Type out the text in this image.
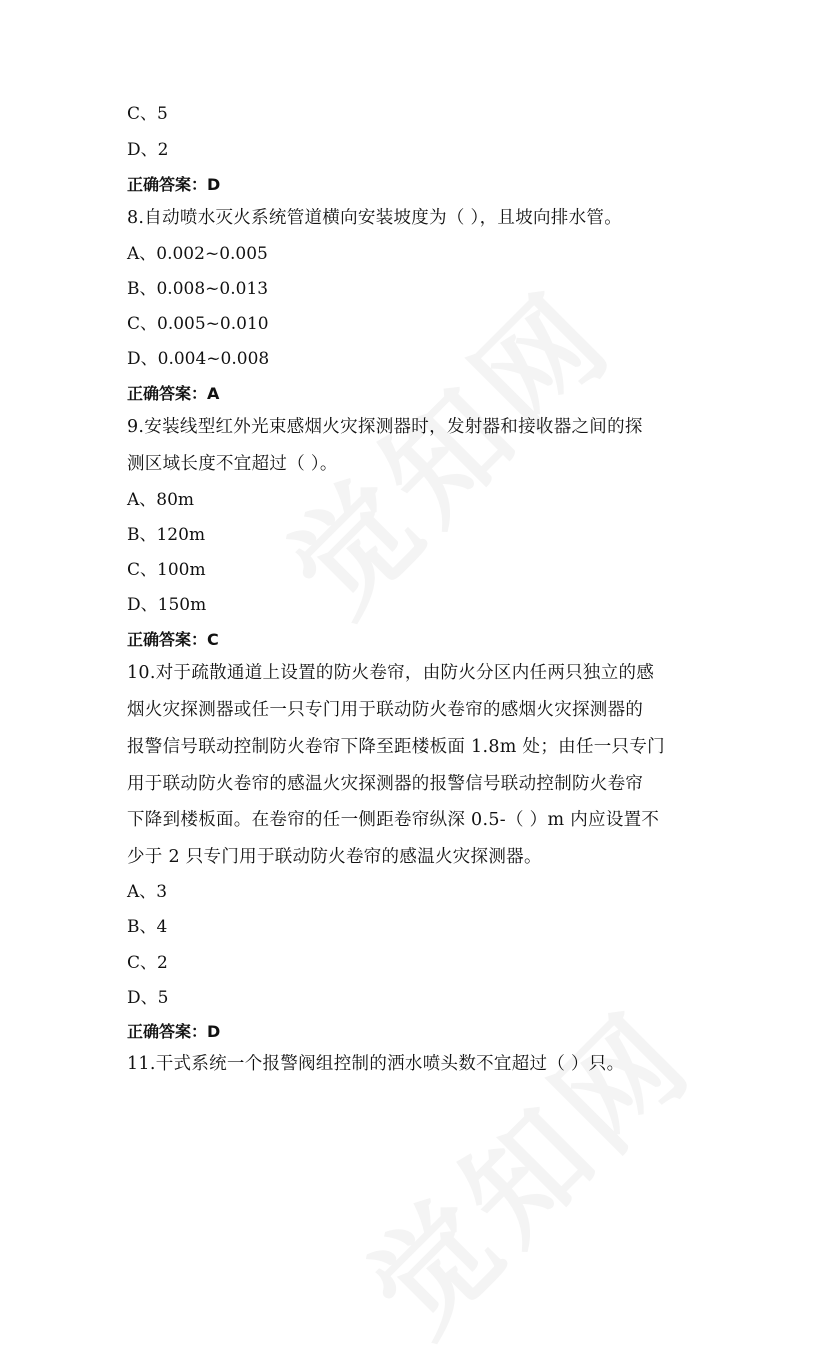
C、5
D、2
正确答案：D
8.自动喷水灭火系统管道横向安装坡度为（ ），且坡向排水管。
A、0.002~0.005
B、0.008~0.013
C、0.005~0.010
D、0.004~0.008
正确答案：A
9.安装线型红外光束感烟火灾探测器时，发射器和接收器之间的探
测区域长度不宜超过（ ）。
A、80m
B、120m
C、100m
D、150m
正确答案：C
10.对于疏散通道上设置的防火卷帘，由防火分区内任两只独立的感
烟火灾探测器或任一只专门用于联动防火卷帘的感烟火灾探测器的
报警信号联动控制防火卷帘下降至距楼板面 1.8m 处；由任一只专门
用于联动防火卷帘的感温火灾探测器的报警信号联动控制防火卷帘
下降到楼板面。在卷帘的任一侧距卷帘纵深 0.5-（ ）m 内应设置不
少于 2 只专门用于联动防火卷帘的感温火灾探测器。
A、3
B、4
C、2
D、5
正确答案：D
11.干式系统一个报警阀组控制的洒水喷头数不宜超过（ ）只。
